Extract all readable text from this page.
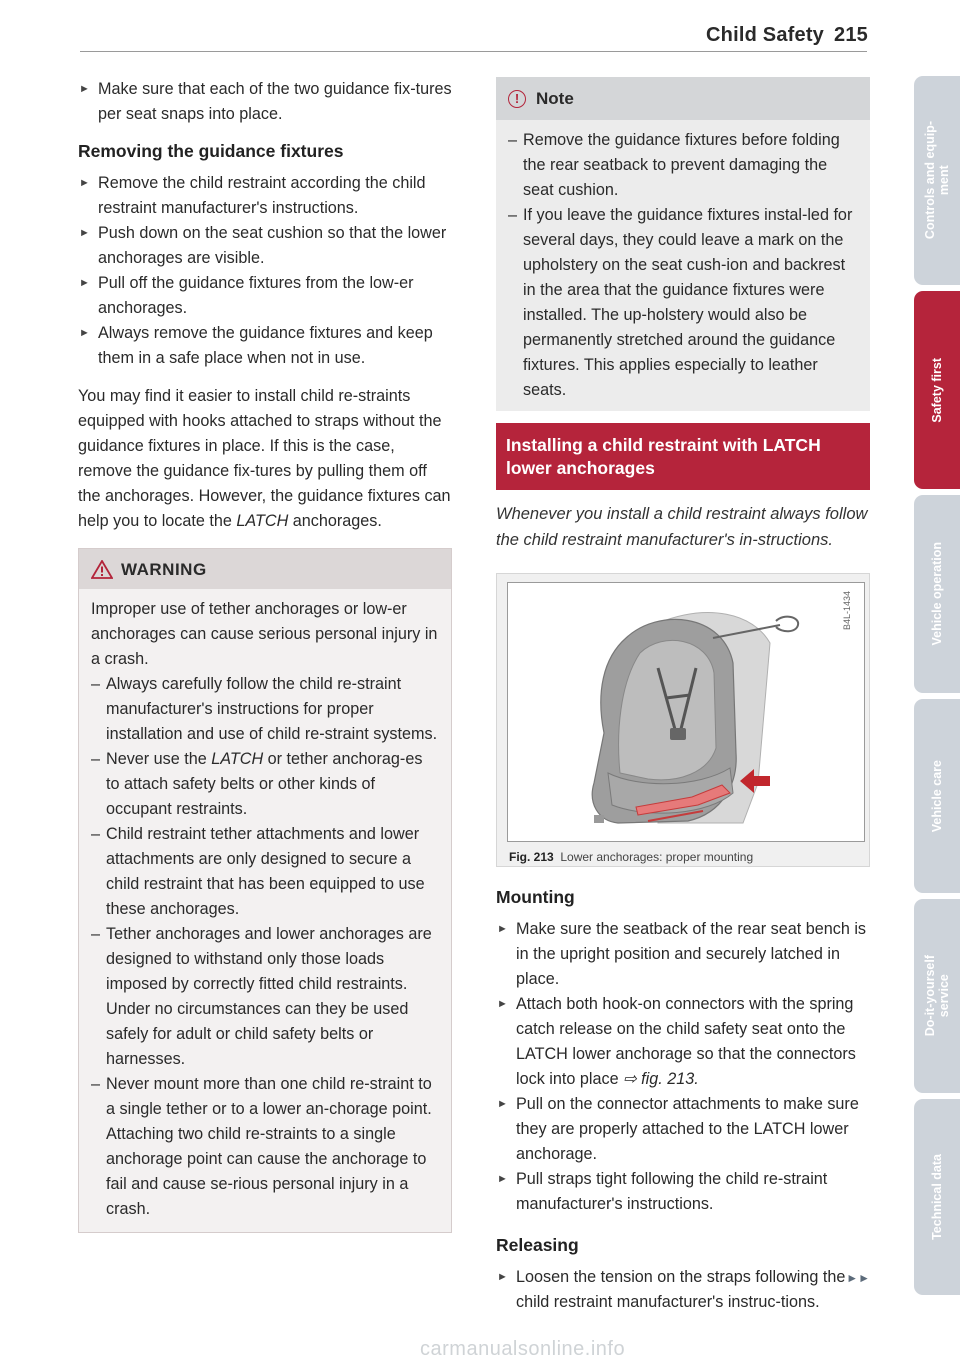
Child Safety 215
► Make sure that each of the two guidance fix-tures per seat snaps into place.
Removing the guidance fixtures
► Remove the child restraint according the child restraint manufacturer's instructions.
► Push down on the seat cushion so that the lower anchorages are visible.
► Pull off the guidance fixtures from the low-er anchorages.
► Always remove the guidance fixtures and keep them in a safe place when not in use.

You may find it easier to install child re-straints equipped with hooks attached to straps without the guidance fixtures in place. If this is the case, remove the guidance fix-tures by pulling them off the anchorages. However, the guidance fixtures can help you to locate the LATCH anchorages.

WARNING

Improper use of tether anchorages or low-er anchorages can cause serious personal injury in a crash.

– Always carefully follow the child re-straint manufacturer's instructions for proper installation and use of child re-straint systems.
– Never use the LATCH or tether anchorag-es to attach safety belts or other kinds of occupant restraints.
– Child restraint tether attachments and lower attachments are only designed to secure a child restraint that has been equipped to use these anchorages.
– Tether anchorages and lower anchorages are designed to withstand only those loads imposed by correctly fitted child restraints. Under no circumstances can they be used safely for adult or child safety belts or harnesses.
– Never mount more than one child re-straint to a single tether or to a lower an-chorage point. Attaching two child re-straints to a single anchorage point can cause the anchorage to fail and cause se-rious personal injury in a crash.
! Note
– Remove the guidance fixtures before folding the rear seatback to prevent damaging the seat cushion.
– If you leave the guidance fixtures instal-led for several days, they could leave a mark on the upholstery on the seat cush-ion and backrest in the area that the guidance fixtures were installed. The up-holstery would also be permanently stretched around the guidance fixtures. This applies especially to leather seats.
Installing a child restraint with LATCH lower anchorages

Whenever you install a child restraint always follow the child restraint manufacturer's in-structions.

B4L-1434
Fig. 213 Lower anchorages: proper mounting
Mounting
► Make sure the seatback of the rear seat bench is in the upright position and securely latched in place.
► Attach both hook-on connectors with the spring catch release on the child safety seat onto the LATCH lower anchorage so that the connectors lock into place ⇨ fig. 213.
► Pull on the connector attachments to make sure they are properly attached to the LATCH lower anchorage.
► Pull straps tight following the child re-straint manufacturer's instructions.
Releasing
► Loosen the tension on the straps following the child restraint manufacturer's instruc-tions.
►►
Controls and equip-
ment
Safety first
Vehicle operation
Vehicle care
Do-it-yourself
service
Technical data
carmanualsonline.info
